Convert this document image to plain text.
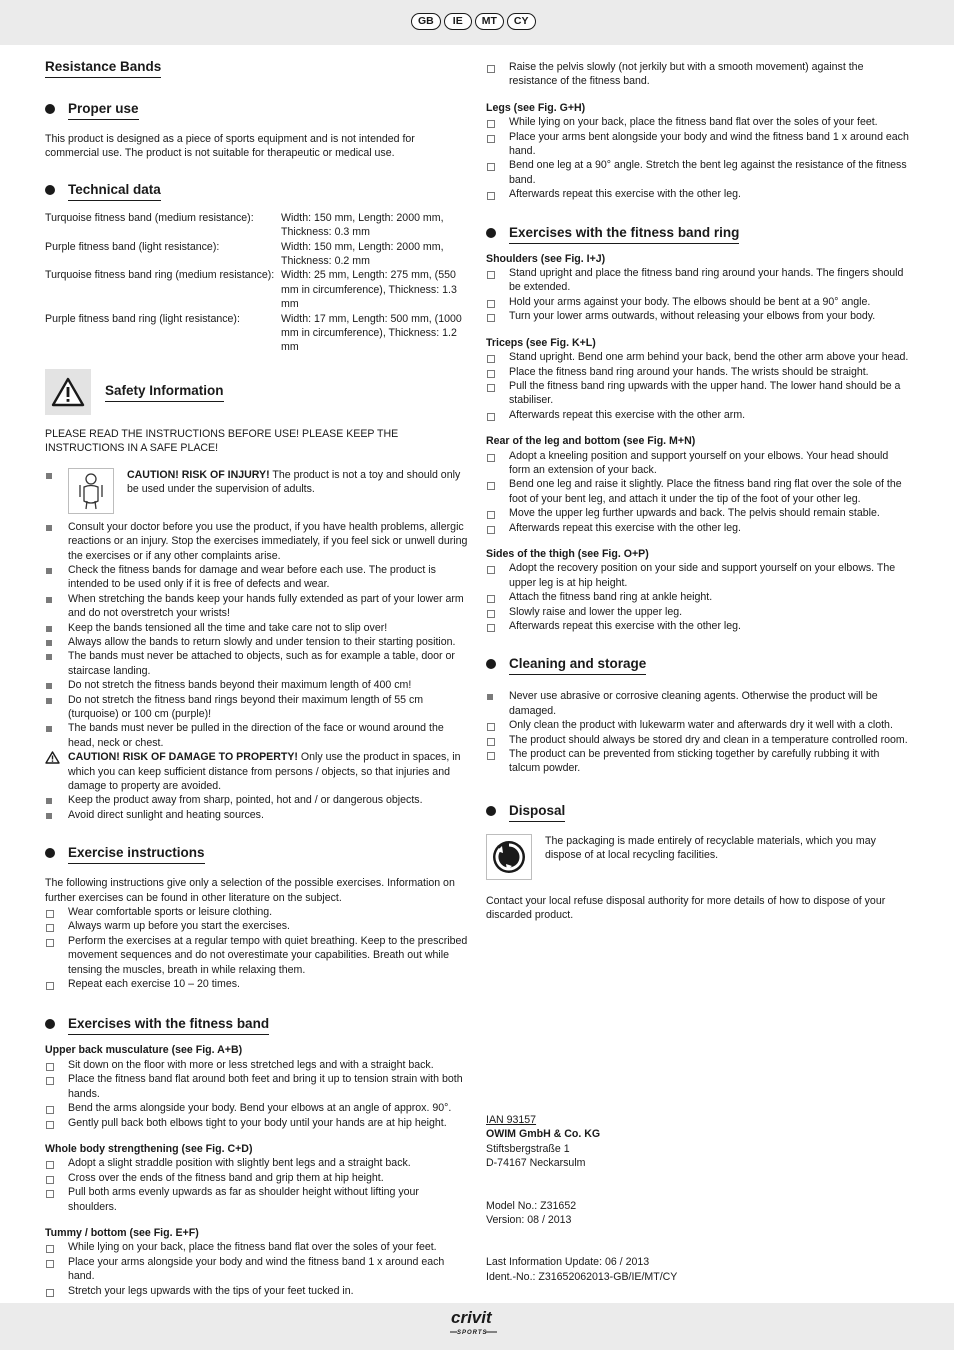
GB	IE	MT	CY
Resistance Bands
Proper use

This product is designed as a piece of sports equipment and is not intended for commercial use. The product is not suitable for therapeutic or medical use.

Technical data
Turquoise fitness band (medium resistance):	Width: 150 mm, Length: 2000 mm, Thickness: 0.3 mm
Purple fitness band (light resistance):	Width: 150 mm, Length: 2000 mm, Thickness: 0.2 mm
Turquoise fitness band ring (medium resistance): Width: 25 mm, Length: 275 mm, (550 mm in circumference), Thickness: 1.3 mm
Purple fitness band ring (light resistance):	Width: 17 mm, Length: 500 mm, (1000 mm in circumference), Thickness: 1.2 mm
Safety Information

PLEASE READ THE INSTRUCTIONS BEFORE USE! PLEASE KEEP THE INSTRUCTIONS IN A SAFE PLACE!

CAUTION! RISK OF INJURY! The product is not a toy and should only be used under the supervision of adults.

Consult your doctor before you use the product, if you have health problems, allergic reactions or an injury. Stop the exercises immediately, if you feel sick or unwell during the exercises or if any other complaints arise.
Check the fitness bands for damage and wear before each use. The product is intended to be used only if it is free of defects and wear.
When stretching the bands keep your hands fully extended as part of your lower arm and do not overstretch your wrists!
Keep the bands tensioned all the time and take care not to slip over!
Always allow the bands to return slowly and under tension to their starting position.
The bands must never be attached to objects, such as for example a table, door or staircase landing.
Do not stretch the fitness bands beyond their maximum length of 400 cm!
Do not stretch the fitness band rings beyond their maximum length of 55 cm (turquoise) or 100 cm (purple)!
The bands must never be pulled in the direction of the face or wound around the head, neck or chest.
CAUTION! RISK OF DAMAGE TO PROPERTY! Only use the product in spaces, in which you can keep sufficient distance from persons / objects, so that injuries and damage to property are avoided.
Keep the product away from sharp, pointed, hot and / or dangerous objects.
Avoid direct sunlight and heating sources.
Exercise instructions

The following instructions give only a selection of the possible exercises. Information on further exercises can be found in other literature on the subject.

Wear comfortable sports or leisure clothing.
Always warm up before you start the exercises.
Perform the exercises at a regular tempo with quiet breathing. Keep to the prescribed movement sequences and do not overestimate your capabilities. Breath out while tensing the muscles, breath in while relaxing them.
Repeat each exercise 10 – 20 times.
Exercises with the fitness band
Upper back musculature (see Fig. A+B)
Sit down on the floor with more or less stretched legs and with a straight back.
Place the fitness band flat around both feet and bring it up to tension strain with both hands.
Bend the arms alongside your body. Bend your elbows at an angle of approx. 90°.
Gently pull back both elbows tight to your body until your hands are at hip height.
Whole body strengthening (see Fig. C+D)
Adopt a slight straddle position with slightly bent legs and a straight back.
Cross over the ends of the fitness band and grip them at hip height.
Pull both arms evenly upwards as far as shoulder height without lifting your shoulders.
Tummy / bottom (see Fig. E+F)
While lying on your back, place the fitness band flat over the soles of your feet.
Place your arms alongside your body and wind the fitness band 1 x around each hand.
Stretch your legs upwards with the tips of your feet tucked in.
Raise the pelvis slowly (not jerkily but with a smooth movement) against the resistance of the fitness band.
Legs (see Fig. G+H)
While lying on your back, place the fitness band flat over the soles of your feet.
Place your arms bent alongside your body and wind the fitness band 1 x around each hand.
Bend one leg at a 90° angle. Stretch the bent leg against the resistance of the fitness band.
Afterwards repeat this exercise with the other leg.
Exercises with the fitness band ring
Shoulders (see Fig. I+J)
Stand upright and place the fitness band ring around your hands. The fingers should be extended.
Hold your arms against your body. The elbows should be bent at a 90° angle.
Turn your lower arms outwards, without releasing your elbows from your body.
Triceps (see Fig. K+L)
Stand upright. Bend one arm behind your back, bend the other arm above your head.
Place the fitness band ring around your hands. The wrists should be straight.
Pull the fitness band ring upwards with the upper hand. The lower hand should be a stabiliser.
Afterwards repeat this exercise with the other arm.
Rear of the leg and bottom (see Fig. M+N)
Adopt a kneeling position and support yourself on your elbows. Your head should form an extension of your back.
Bend one leg and raise it slightly. Place the fitness band ring flat over the sole of the foot of your bent leg, and attach it under the tip of the foot of your other leg.
Move the upper leg further upwards and back. The pelvis should remain stable.
Afterwards repeat this exercise with the other leg.
Sides of the thigh (see Fig. O+P)
Adopt the recovery position on your side and support yourself on your elbows. The upper leg is at hip height.
Attach the fitness band ring at ankle height.
Slowly raise and lower the upper leg.
Afterwards repeat this exercise with the other leg.
Cleaning and storage
Never use abrasive or corrosive cleaning agents. Otherwise the product will be damaged.
Only clean the product with lukewarm water and afterwards dry it well with a cloth.
The product should always be stored dry and clean in a temperature controlled room.
The product can be prevented from sticking together by carefully rubbing it with talcum powder.
Disposal

The packaging is made entirely of recyclable materials, which you may dispose of at local recycling facilities.

Contact your local refuse disposal authority for more details of how to dispose of your discarded product.

IAN 93157
OWIM GmbH & Co. KG
Stiftsbergstraße 1
D-74167 Neckarsulm
Model No.: Z31652
Version: 08 / 2013
Last Information Update: 06 / 2013
Ident.-No.: Z31652062013-GB/IE/MT/CY
crivit
SPORTS
